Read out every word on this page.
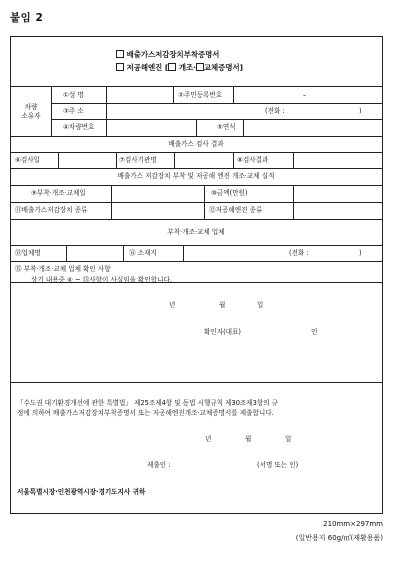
붙임 2
배출가스저감장치부착증명서
저공해엔진 [ 개조· 교체증명서]
차량
소유자
①성 명	②주민등록번호	–
③주 소	(전화 :	)
④차량번호	⑤연식
배출가스 검사 결과
⑥검사일	⑦검사기관명	⑧검사결과
배출가스 저감장치 부착 및 저공해 엔진 개조·교체 실적
⑨부착·개조·교체일	⑩금액(만원)
⑪배출가스저감장치 종류	⑫저공해엔진 종류
부착·개조·교체 업체
⑬업체명	⑭ 소재지	(전화 :	)
⑮ 부착·개조·교체 업체 확인 사항
상기 내용중 ⑥ ~ ⑮사항이 사실임을 확인합니다.
년	월	일
확인자(대표)	인
「수도권 대기환경개선에 관한 특별법」 제25조제4항 및 동법 시행규칙 제30조제3항의 규
정에 의하여 배출가스저감장치부착증명서 또는 저공해엔진개조·교체증명서를 제출합니다.
년	월	일
제출인 :	(서명 또는 인)
서울특별시장·인천광역시장·경기도지사 귀하
210mm×297mm
(일반용지 60g/㎡(재활용품)
